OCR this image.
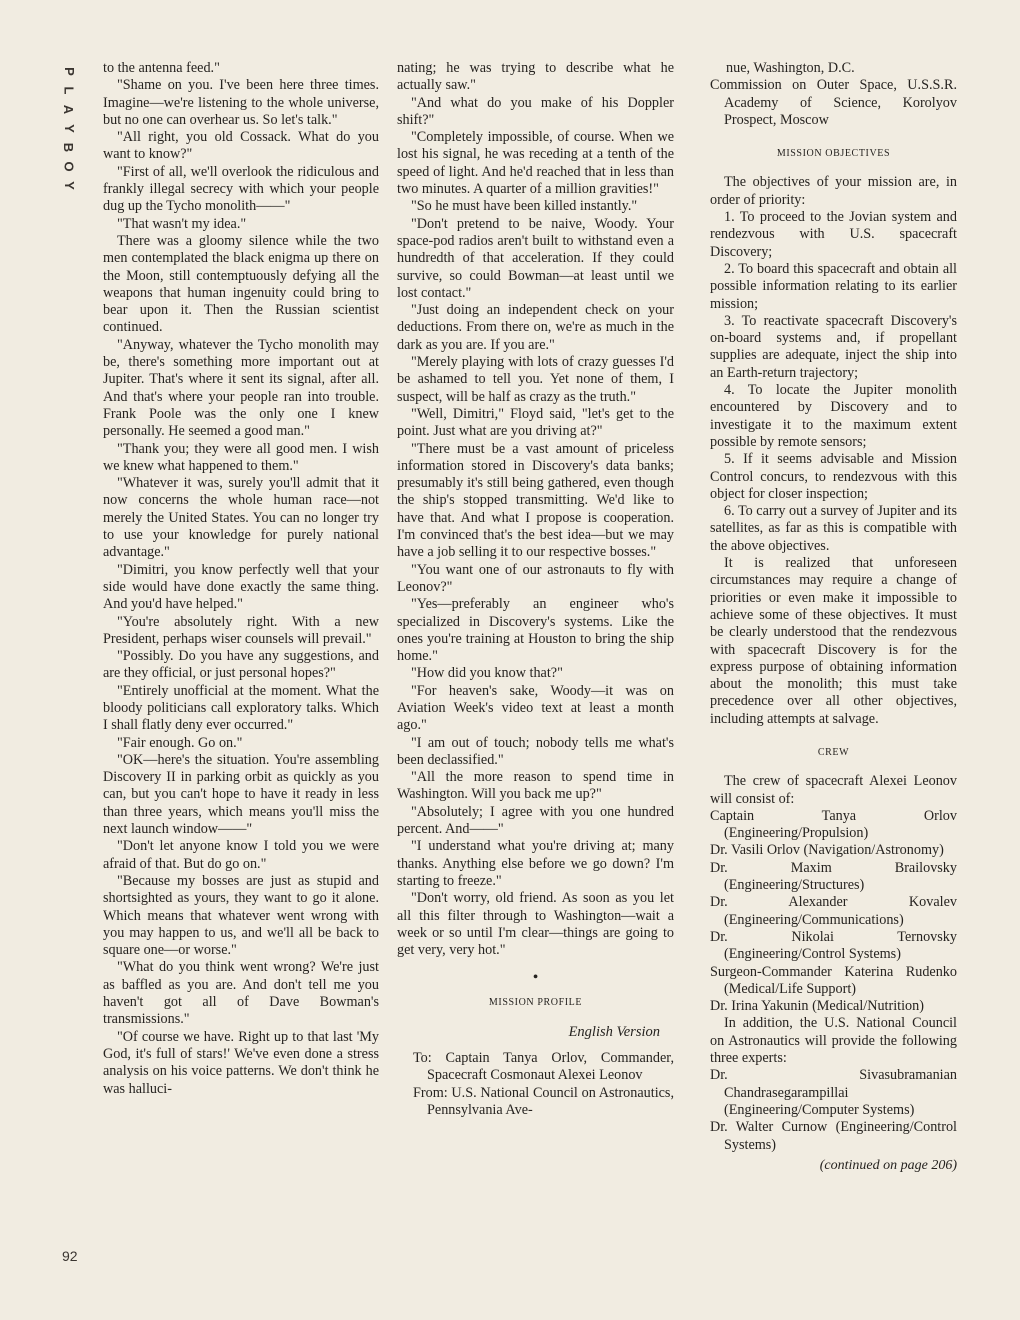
P
L
A
Y
B
O
Y
92

to the antenna feed."

"Shame on you. I've been here three times. Imagine—we're listening to the whole universe, but no one can overhear us. So let's talk."

"All right, you old Cossack. What do you want to know?"

"First of all, we'll overlook the ridiculous and frankly illegal secrecy with which your people dug up the Tycho monolith——"

"That wasn't my idea."

There was a gloomy silence while the two men contemplated the black enigma up there on the Moon, still contemptuously defying all the weapons that human ingenuity could bring to bear upon it. Then the Russian scientist continued.

"Anyway, whatever the Tycho monolith may be, there's something more important out at Jupiter. That's where it sent its signal, after all. And that's where your people ran into trouble. Frank Poole was the only one I knew personally. He seemed a good man."

"Thank you; they were all good men. I wish we knew what happened to them."

"Whatever it was, surely you'll admit that it now concerns the whole human race—not merely the United States. You can no longer try to use your knowledge for purely national advantage."

"Dimitri, you know perfectly well that your side would have done exactly the same thing. And you'd have helped."

"You're absolutely right. With a new President, perhaps wiser counsels will prevail."

"Possibly. Do you have any suggestions, and are they official, or just personal hopes?"

"Entirely unofficial at the moment. What the bloody politicians call exploratory talks. Which I shall flatly deny ever occurred."

"Fair enough. Go on."

"OK—here's the situation. You're assembling Discovery II in parking orbit as quickly as you can, but you can't hope to have it ready in less than three years, which means you'll miss the next launch window——"

"Don't let anyone know I told you we were afraid of that. But do go on."

"Because my bosses are just as stupid and shortsighted as yours, they want to go it alone. Which means that whatever went wrong with you may happen to us, and we'll all be back to square one—or worse."

"What do you think went wrong? We're just as baffled as you are. And don't tell me you haven't got all of Dave Bowman's transmissions."

"Of course we have. Right up to that last 'My God, it's full of stars!' We've even done a stress analysis on his voice patterns. We don't think he was halluci-

nating; he was trying to describe what he actually saw."

"And what do you make of his Doppler shift?"

"Completely impossible, of course. When we lost his signal, he was receding at a tenth of the speed of light. And he'd reached that in less than two minutes. A quarter of a million gravities!"

"So he must have been killed instantly."

"Don't pretend to be naive, Woody. Your space-pod radios aren't built to withstand even a hundredth of that acceleration. If they could survive, so could Bowman—at least until we lost contact."

"Just doing an independent check on your deductions. From there on, we're as much in the dark as you are. If you are."

"Merely playing with lots of crazy guesses I'd be ashamed to tell you. Yet none of them, I suspect, will be half as crazy as the truth."

"Well, Dimitri," Floyd said, "let's get to the point. Just what are you driving at?"

"There must be a vast amount of priceless information stored in Discovery's data banks; presumably it's still being gathered, even though the ship's stopped transmitting. We'd like to have that. And what I propose is cooperation. I'm convinced that's the best idea—but we may have a job selling it to our respective bosses."

"You want one of our astronauts to fly with Leonov?"

"Yes—preferably an engineer who's specialized in Discovery's systems. Like the ones you're training at Houston to bring the ship home."

"How did you know that?"

"For heaven's sake, Woody—it was on Aviation Week's video text at least a month ago."

"I am out of touch; nobody tells me what's been declassified."

"All the more reason to spend time in Washington. Will you back me up?"

"Absolutely; I agree with you one hundred percent. And——"

"I understand what you're driving at; many thanks. Anything else before we go down? I'm starting to freeze."

"Don't worry, old friend. As soon as you let all this filter through to Washington—wait a week or so until I'm clear—things are going to get very, very hot."

•
MISSION PROFILE
English Version

To: Captain Tanya Orlov, Commander, Spacecraft Cosmonaut Alexei Leonov

From: U.S. National Council on Astronautics, Pennsylvania Ave-

nue, Washington, D.C.

Commission on Outer Space, U.S.S.R. Academy of Science, Korolyov Prospect, Moscow

MISSION OBJECTIVES

The objectives of your mission are, in order of priority:

1. To proceed to the Jovian system and rendezvous with U.S. spacecraft Discovery;

2. To board this spacecraft and obtain all possible information relating to its earlier mission;

3. To reactivate spacecraft Discovery's on-board systems and, if propellant supplies are adequate, inject the ship into an Earth-return trajectory;

4. To locate the Jupiter monolith encountered by Discovery and to investigate it to the maximum extent possible by remote sensors;

5. If it seems advisable and Mission Control concurs, to rendezvous with this object for closer inspection;

6. To carry out a survey of Jupiter and its satellites, as far as this is compatible with the above objectives.

It is realized that unforeseen circumstances may require a change of priorities or even make it impossible to achieve some of these objectives. It must be clearly understood that the rendezvous with spacecraft Discovery is for the express purpose of obtaining information about the monolith; this must take precedence over all other objectives, including attempts at salvage.

CREW

The crew of spacecraft Alexei Leonov will consist of:

Captain Tanya Orlov (Engineering/Propulsion)

Dr. Vasili Orlov (Navigation/Astronomy)

Dr. Maxim Brailovsky (Engineering/Structures)

Dr. Alexander Kovalev (Engineering/Communications)

Dr. Nikolai Ternovsky (Engineering/Control Systems)

Surgeon-Commander Katerina Rudenko (Medical/Life Support)

Dr. Irina Yakunin (Medical/Nutrition)

In addition, the U.S. National Council on Astronautics will provide the following three experts:

Dr. Sivasubramanian Chandrasegarampillai (Engineering/Computer Systems)

Dr. Walter Curnow (Engineering/Control Systems)

(continued on page 206)
